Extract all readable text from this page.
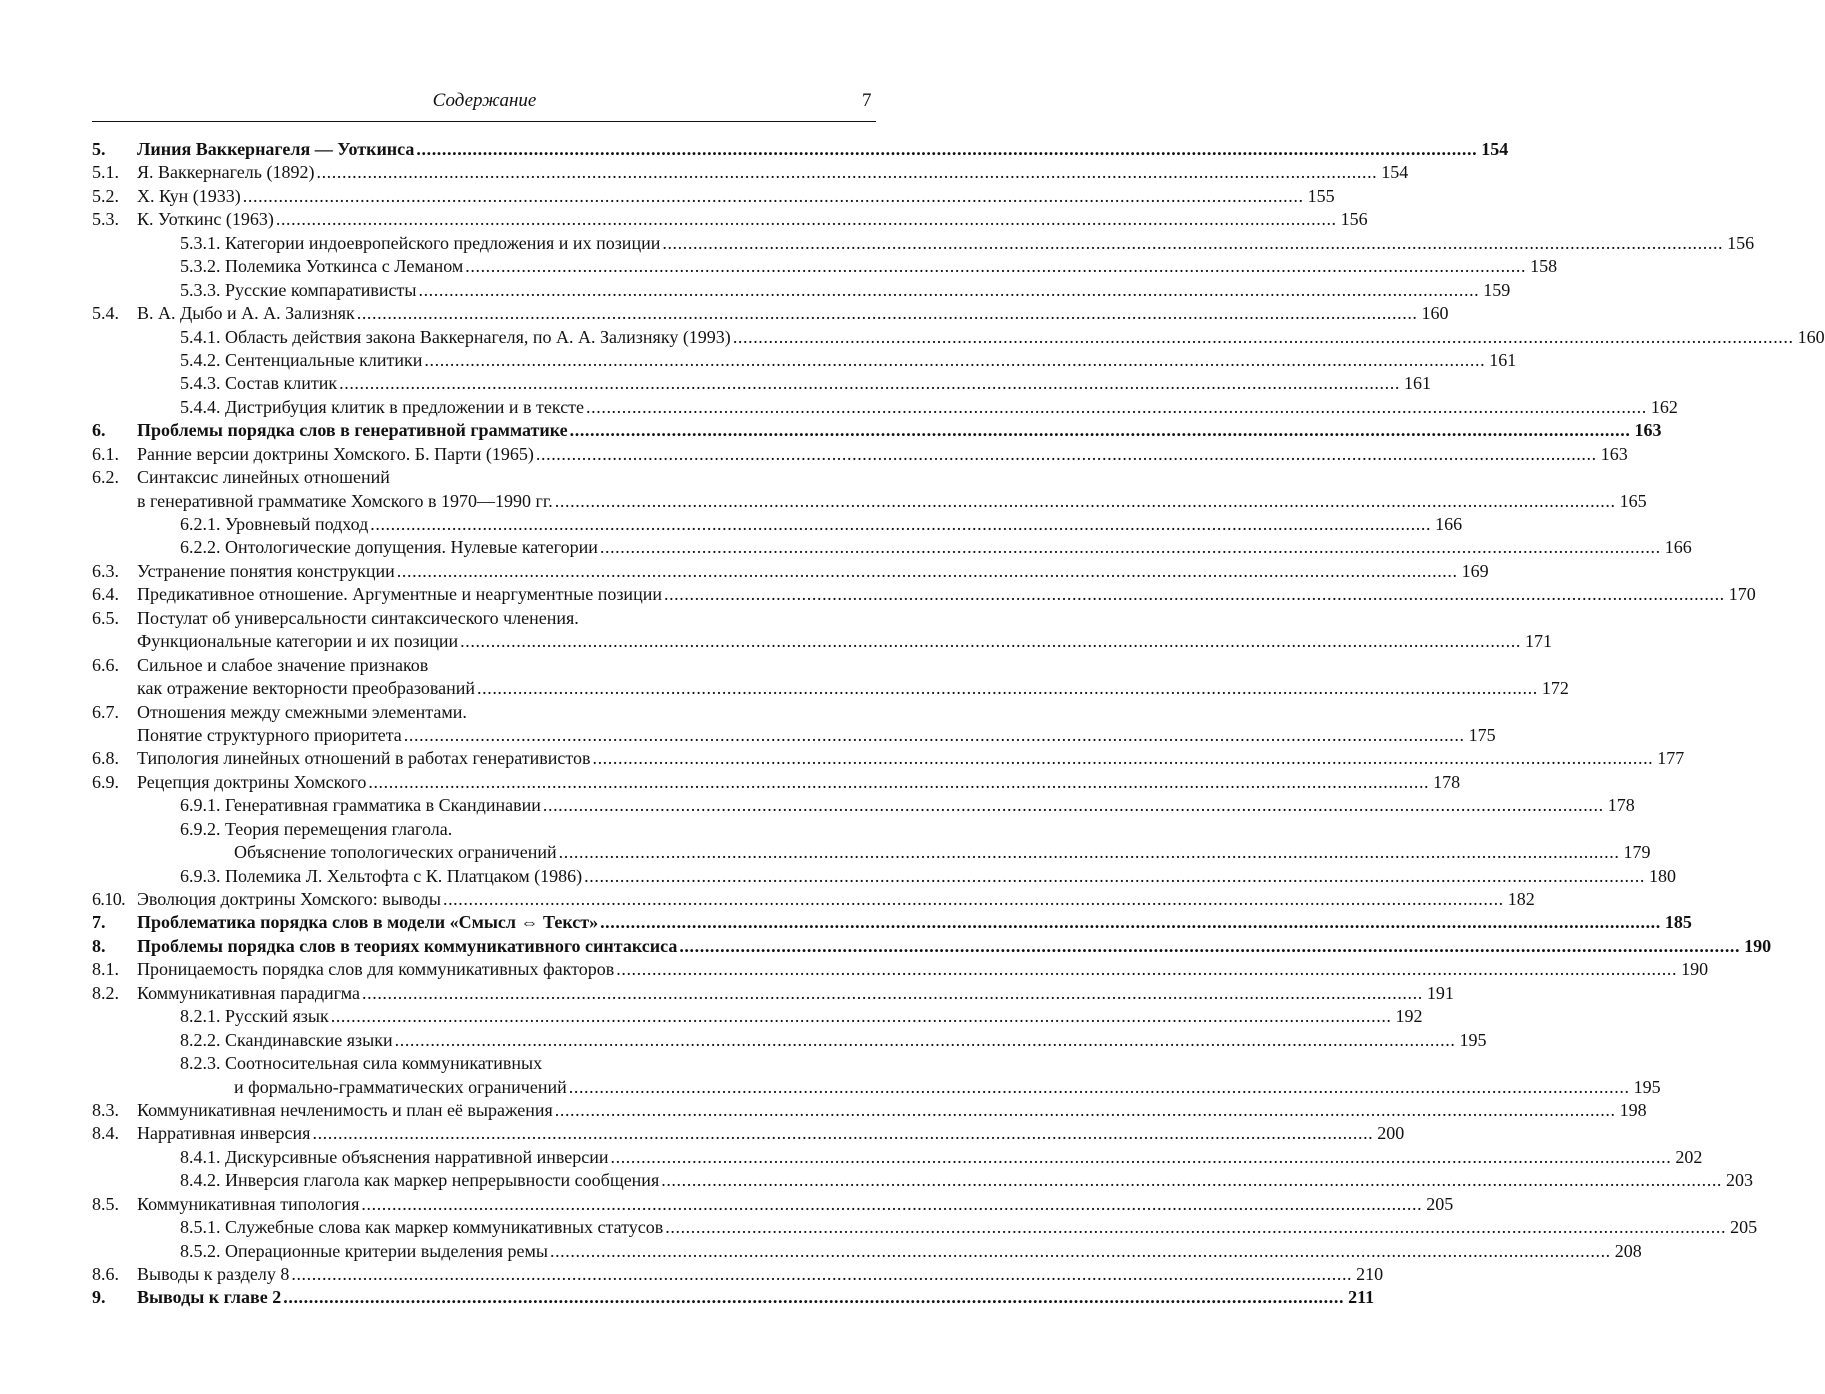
Содержание	7
5. Линия Ваккернагеля — Уоткинса ................................................................................................................................................................................................................ 154
5.1. Я. Ваккернагель (1892) ................................................................................................................................................................................................................ 154
5.2. Х. Кун (1933) ................................................................................................................................................................................................................ 155
5.3. К. Уоткинс (1963) ................................................................................................................................................................................................................ 156
5.3.1. Категории индоевропейского предложения и их позиции ................................................................................................................................................................................................................ 156
5.3.2. Полемика Уоткинса с Леманом ................................................................................................................................................................................................................ 158
5.3.3. Русские компаративисты ................................................................................................................................................................................................................ 159
5.4. В. А. Дыбо и А. А. Зализняк ................................................................................................................................................................................................................ 160
5.4.1. Область действия закона Ваккернагеля, по А. А. Зализняку (1993) ................................................................................................................................................................................................................ 160
5.4.2. Сентенциальные клитики ................................................................................................................................................................................................................ 161
5.4.3. Состав клитик ................................................................................................................................................................................................................ 161
5.4.4. Дистрибуция клитик в предложении и в тексте ................................................................................................................................................................................................................ 162
6. Проблемы порядка слов в генеративной грамматике ................................................................................................................................................................................................................ 163
6.1. Ранние версии доктрины Хомского. Б. Парти (1965) ................................................................................................................................................................................................................ 163
6.2. Синтаксис линейных отношений
в генеративной грамматике Хомского в 1970—1990 гг. ................................................................................................................................................................................................................ 165
6.2.1. Уровневый подход ................................................................................................................................................................................................................ 166
6.2.2. Онтологические допущения. Нулевые категории ................................................................................................................................................................................................................ 166
6.3. Устранение понятия конструкции ................................................................................................................................................................................................................ 169
6.4. Предикативное отношение. Аргументные и неаргументные позиции ................................................................................................................................................................................................................ 170
6.5. Постулат об универсальности синтаксического членения.
Функциональные категории и их позиции ................................................................................................................................................................................................................ 171
6.6. Сильное и слабое значение признаков
как отражение векторности преобразований ................................................................................................................................................................................................................ 172
6.7. Отношения между смежными элементами.
Понятие структурного приоритета ................................................................................................................................................................................................................ 175
6.8. Типология линейных отношений в работах генеративистов ................................................................................................................................................................................................................ 177
6.9. Рецепция доктрины Хомского ................................................................................................................................................................................................................ 178
6.9.1. Генеративная грамматика в Скандинавии ................................................................................................................................................................................................................ 178
6.9.2. Теория перемещения глагола.
Объяснение топологических ограничений ................................................................................................................................................................................................................ 179
6.9.3. Полемика Л. Хельтофта с К. Платцаком (1986) ................................................................................................................................................................................................................ 180
6.10. Эволюция доктрины Хомского: выводы ................................................................................................................................................................................................................ 182
7. Проблематика порядка слов в модели «Смысл ⇔ Текст» ................................................................................................................................................................................................................ 185
8. Проблемы порядка слов в теориях коммуникативного синтаксиса ................................................................................................................................................................................................................ 190
8.1. Проницаемость порядка слов для коммуникативных факторов ................................................................................................................................................................................................................ 190
8.2. Коммуникативная парадигма ................................................................................................................................................................................................................ 191
8.2.1. Русский язык ................................................................................................................................................................................................................ 192
8.2.2. Скандинавские языки ................................................................................................................................................................................................................ 195
8.2.3. Соотносительная сила коммуникативных
и формально-грамматических ограничений ................................................................................................................................................................................................................ 195
8.3. Коммуникативная нечленимость и план её выражения ................................................................................................................................................................................................................ 198
8.4. Нарративная инверсия ................................................................................................................................................................................................................ 200
8.4.1. Дискурсивные объяснения нарративной инверсии ................................................................................................................................................................................................................ 202
8.4.2. Инверсия глагола как маркер непрерывности сообщения ................................................................................................................................................................................................................ 203
8.5. Коммуникативная типология ................................................................................................................................................................................................................ 205
8.5.1. Служебные слова как маркер коммуникативных статусов ................................................................................................................................................................................................................ 205
8.5.2. Операционные критерии выделения ремы ................................................................................................................................................................................................................ 208
8.6. Выводы к разделу 8 ................................................................................................................................................................................................................ 210
9. Выводы к главе 2 ................................................................................................................................................................................................................ 211
